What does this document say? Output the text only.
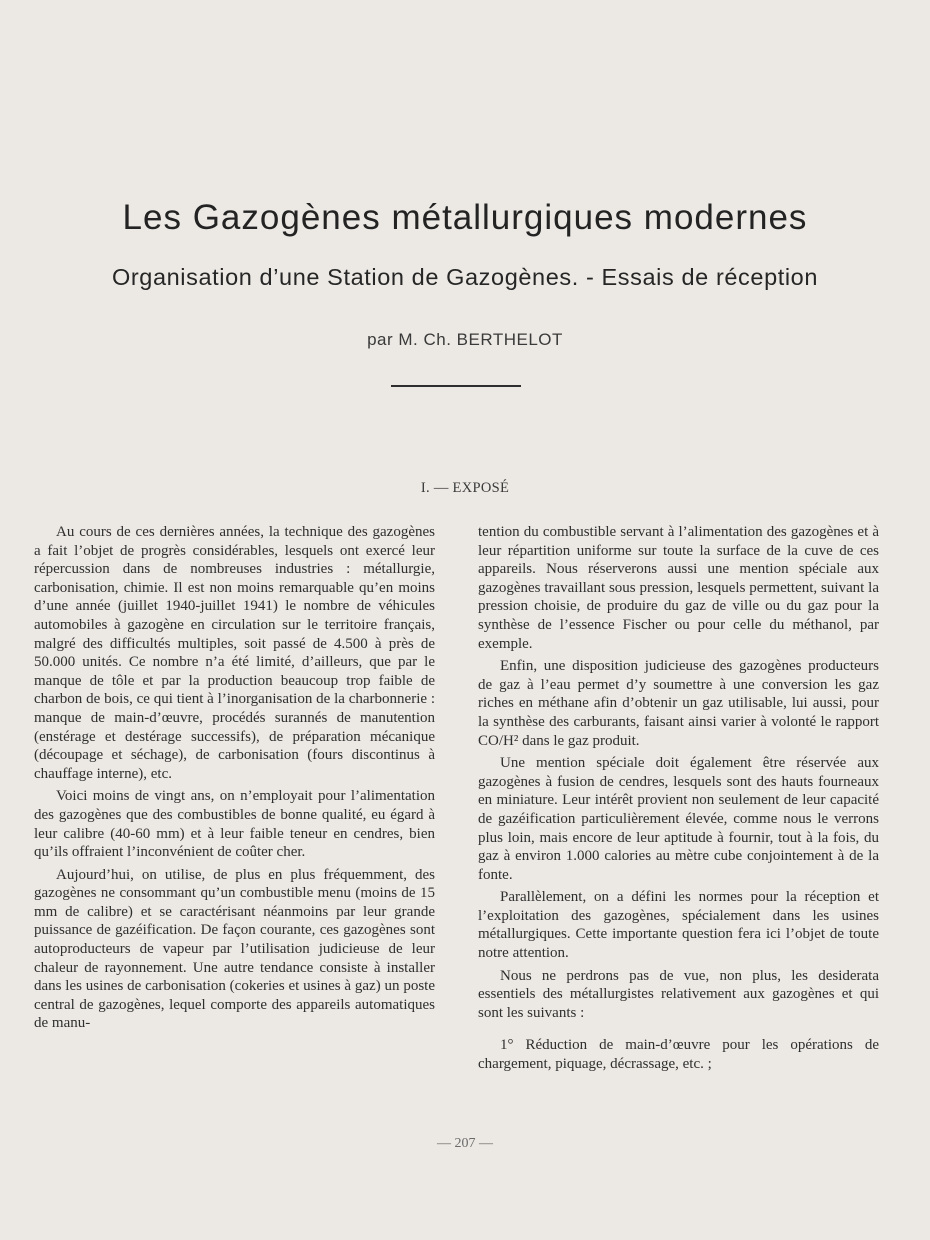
Les Gazogènes métallurgiques modernes
Organisation d’une Station de Gazogènes. - Essais de réception
par M. Ch. BERTHELOT
I. — EXPOSÉ

Au cours de ces dernières années, la technique des gazogènes a fait l’objet de progrès considérables, lesquels ont exercé leur répercussion dans de nombreuses industries : métallurgie, carbonisation, chimie. Il est non moins remarquable qu’en moins d’une année (juillet 1940-juillet 1941) le nombre de véhicules automobiles à gazogène en circulation sur le territoire français, malgré des difficultés multiples, soit passé de 4.500 à près de 50.000 unités. Ce nombre n’a été limité, d’ailleurs, que par le manque de tôle et par la production beaucoup trop faible de charbon de bois, ce qui tient à l’inorganisation de la charbonnerie : manque de main-d’œuvre, procédés surannés de manutention (enstérage et destérage successifs), de préparation mécanique (découpage et séchage), de carbonisation (fours discontinus à chauffage interne), etc.

Voici moins de vingt ans, on n’employait pour l’alimentation des gazogènes que des combustibles de bonne qualité, eu égard à leur calibre (40-60 mm) et à leur faible teneur en cendres, bien qu’ils offraient l’inconvénient de coûter cher.

Aujourd’hui, on utilise, de plus en plus fréquemment, des gazogènes ne consommant qu’un combustible menu (moins de 15 mm de calibre) et se caractérisant néanmoins par leur grande puissance de gazéification. De façon courante, ces gazogènes sont autoproducteurs de vapeur par l’utilisation judicieuse de leur chaleur de rayonnement. Une autre tendance consiste à installer dans les usines de carbonisation (cokeries et usines à gaz) un poste central de gazogènes, lequel comporte des appareils automatiques de manu-

tention du combustible servant à l’alimentation des gazogènes et à leur répartition uniforme sur toute la surface de la cuve de ces appareils. Nous réserverons aussi une mention spéciale aux gazogènes travaillant sous pression, lesquels permettent, suivant la pression choisie, de produire du gaz de ville ou du gaz pour la synthèse de l’essence Fischer ou pour celle du méthanol, par exemple.

Enfin, une disposition judicieuse des gazogènes producteurs de gaz à l’eau permet d’y soumettre à une conversion les gaz riches en méthane afin d’obtenir un gaz utilisable, lui aussi, pour la synthèse des carburants, faisant ainsi varier à volonté le rapport CO/H² dans le gaz produit.

Une mention spéciale doit également être réservée aux gazogènes à fusion de cendres, lesquels sont des hauts fourneaux en miniature. Leur intérêt provient non seulement de leur capacité de gazéification particulièrement élevée, comme nous le verrons plus loin, mais encore de leur aptitude à fournir, tout à la fois, du gaz à environ 1.000 calories au mètre cube conjointement à de la fonte.

Parallèlement, on a défini les normes pour la réception et l’exploitation des gazogènes, spécialement dans les usines métallurgiques. Cette importante question fera ici l’objet de toute notre attention.

Nous ne perdrons pas de vue, non plus, les desiderata essentiels des métallurgistes relativement aux gazogènes et qui sont les suivants :

1° Réduction de main-d’œuvre pour les opérations de chargement, piquage, décrassage, etc. ;

— 207 —
